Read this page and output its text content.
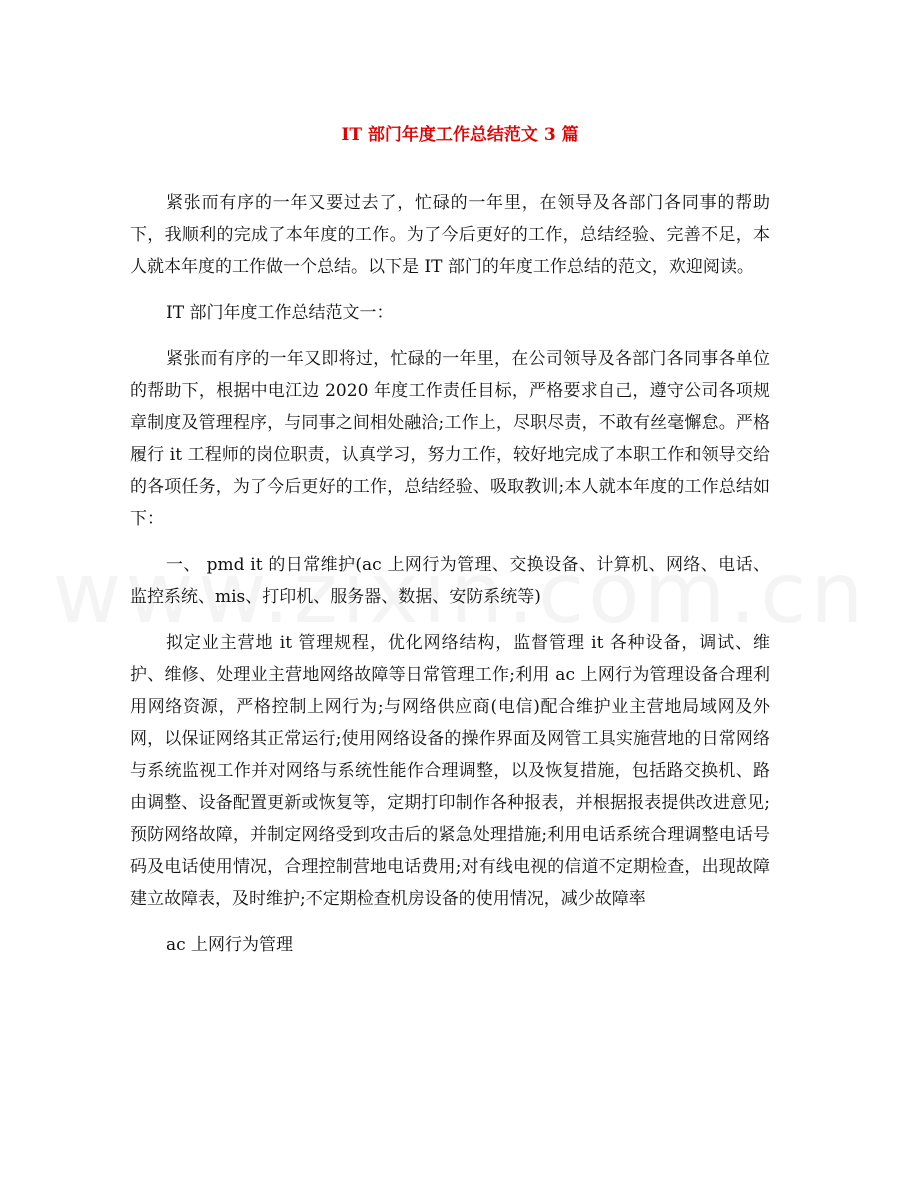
IT 部门年度工作总结范文 3 篇

紧张而有序的一年又要过去了，忙碌的一年里，在领导及各部门各同事的帮助下，我顺利的完成了本年度的工作。为了今后更好的工作，总结经验、完善不足，本人就本年度的工作做一个总结。以下是 IT 部门的年度工作总结的范文，欢迎阅读。

IT 部门年度工作总结范文一：

紧张而有序的一年又即将过，忙碌的一年里，在公司领导及各部门各同事各单位的帮助下，根据中电江边 2020 年度工作责任目标，严格要求自己，遵守公司各项规章制度及管理程序，与同事之间相处融洽;工作上，尽职尽责，不敢有丝毫懈怠。严格履行 it 工程师的岗位职责，认真学习，努力工作，较好地完成了本职工作和领导交给的各项任务，为了今后更好的工作，总结经验、吸取教训;本人就本年度的工作总结如下：

一、 pmd it 的日常维护(ac 上网行为管理、交换设备、计算机、网络、电话、监控系统、mis、打印机、服务器、数据、安防系统等)

拟定业主营地 it 管理规程，优化网络结构，监督管理 it 各种设备，调试、维护、维修、处理业主营地网络故障等日常管理工作;利用 ac 上网行为管理设备合理利用网络资源，严格控制上网行为;与网络供应商(电信)配合维护业主营地局域网及外网，以保证网络其正常运行;使用网络设备的操作界面及网管工具实施营地的日常网络与系统监视工作并对网络与系统性能作合理调整，以及恢复措施，包括路交换机、路由调整、设备配置更新或恢复等，定期打印制作各种报表，并根据报表提供改进意见;预防网络故障，并制定网络受到攻击后的紧急处理措施;利用电话系统合理调整电话号码及电话使用情况，合理控制营地电话费用;对有线电视的信道不定期检查，出现故障建立故障表，及时维护;不定期检查机房设备的使用情况，减少故障率

ac 上网行为管理
